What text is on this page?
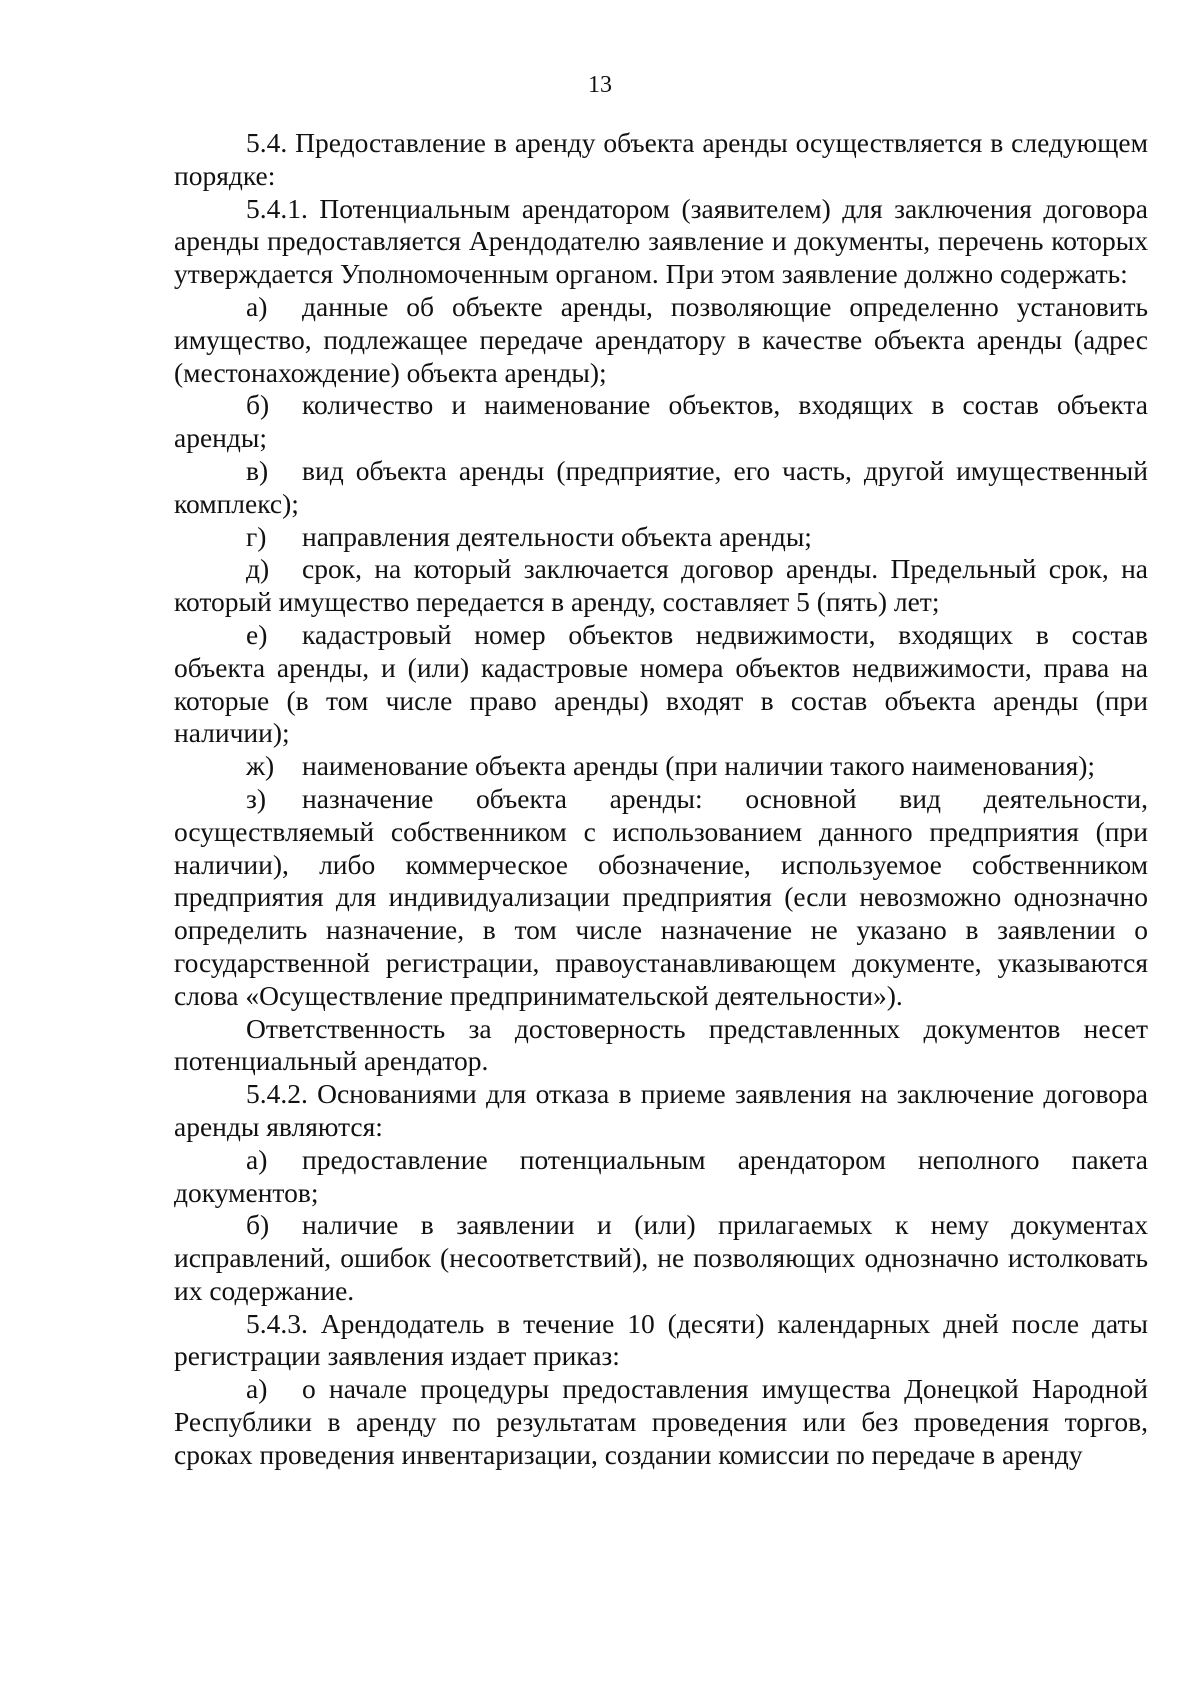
13

5.4. Предоставление в аренду объекта аренды осуществляется в следующем порядке:

5.4.1. Потенциальным арендатором (заявителем) для заключения договора аренды предоставляется Арендодателю заявление и документы, перечень которых утверждается Уполномоченным органом. При этом заявление должно содержать:

а) данные об объекте аренды, позволяющие определенно установить имущество, подлежащее передаче арендатору в качестве объекта аренды (адрес (местонахождение) объекта аренды);

б) количество и наименование объектов, входящих в состав объекта аренды;

в) вид объекта аренды (предприятие, его часть, другой имущественный комплекс);

г) направления деятельности объекта аренды;

д) срок, на который заключается договор аренды. Предельный срок, на который имущество передается в аренду, составляет 5 (пять) лет;

е) кадастровый номер объектов недвижимости, входящих в состав объекта аренды, и (или) кадастровые номера объектов недвижимости, права на которые (в том числе право аренды) входят в состав объекта аренды (при наличии);

ж) наименование объекта аренды (при наличии такого наименования);

з) назначение объекта аренды: основной вид деятельности, осуществляемый собственником с использованием данного предприятия (при наличии), либо коммерческое обозначение, используемое собственником предприятия для индивидуализации предприятия (если невозможно однозначно определить назначение, в том числе назначение не указано в заявлении о государственной регистрации, правоустанавливающем документе, указываются слова «Осуществление предпринимательской деятельности»).

Ответственность за достоверность представленных документов несет потенциальный арендатор.

5.4.2. Основаниями для отказа в приеме заявления на заключение договора аренды являются:

а) предоставление потенциальным арендатором неполного пакета документов;

б) наличие в заявлении и (или) прилагаемых к нему документах исправлений, ошибок (несоответствий), не позволяющих однозначно истолковать их содержание.

5.4.3. Арендодатель в течение 10 (десяти) календарных дней после даты регистрации заявления издает приказ:

а) о начале процедуры предоставления имущества Донецкой Народной Республики в аренду по результатам проведения или без проведения торгов, сроках проведения инвентаризации, создании комиссии по передаче в аренду
